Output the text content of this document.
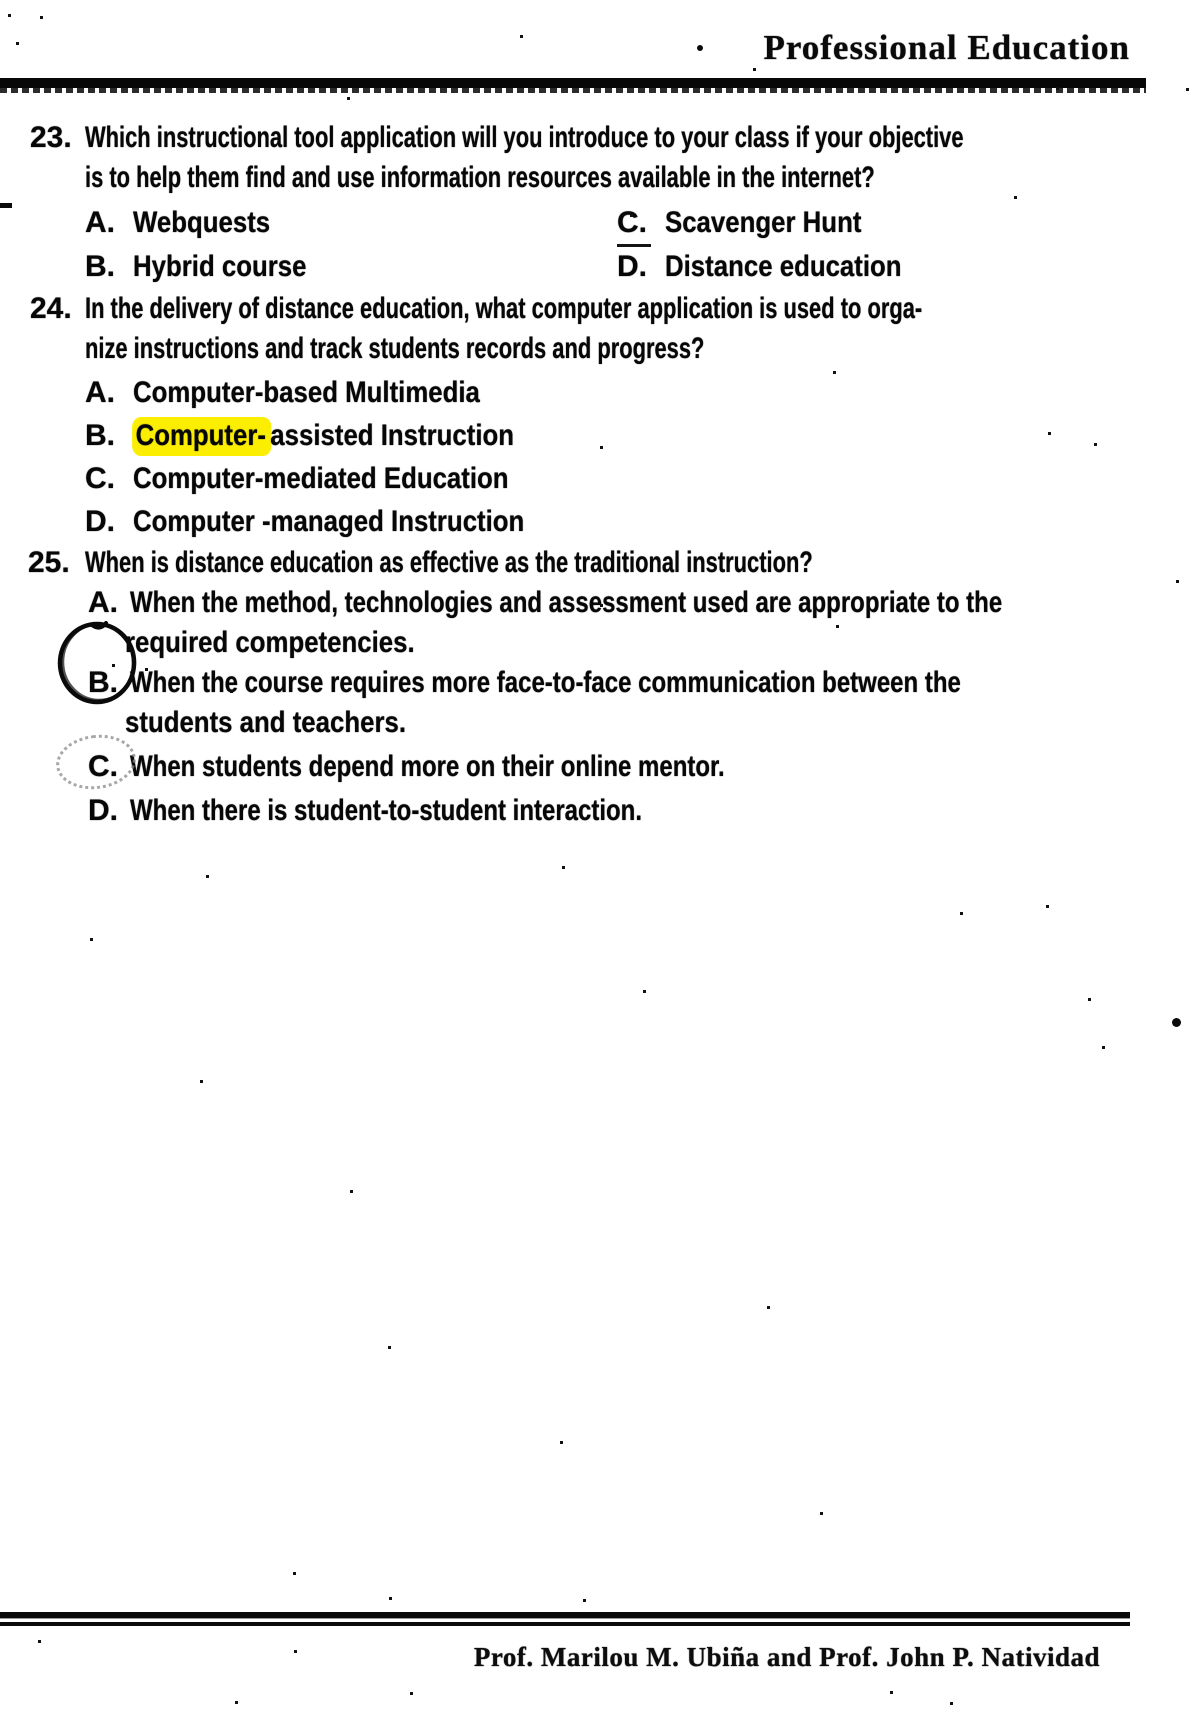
Professional Education
23. Which instructional tool application will you introduce to your class if your objective
is to help them find and use information resources available in the internet?
A. Webquests	C. Scavenger Hunt
B. Hybrid course	D. Distance education
24. In the delivery of distance education, what computer application is used to orga-
nize instructions and track students records and progress?
A. Computer-based Multimedia
B. Computer- assisted Instruction
C. Computer-mediated Education
D. Computer -managed Instruction
25. When is distance education as effective as the traditional instruction?
A. When the method, technologies and assessment used are appropriate to the
required competencies.
B. When the course requires more face-to-face communication between the
students and teachers.
C. When students depend more on their online mentor.
D. When there is student-to-student interaction.
Prof. Marilou M. Ubiña and Prof. John P. Natividad
